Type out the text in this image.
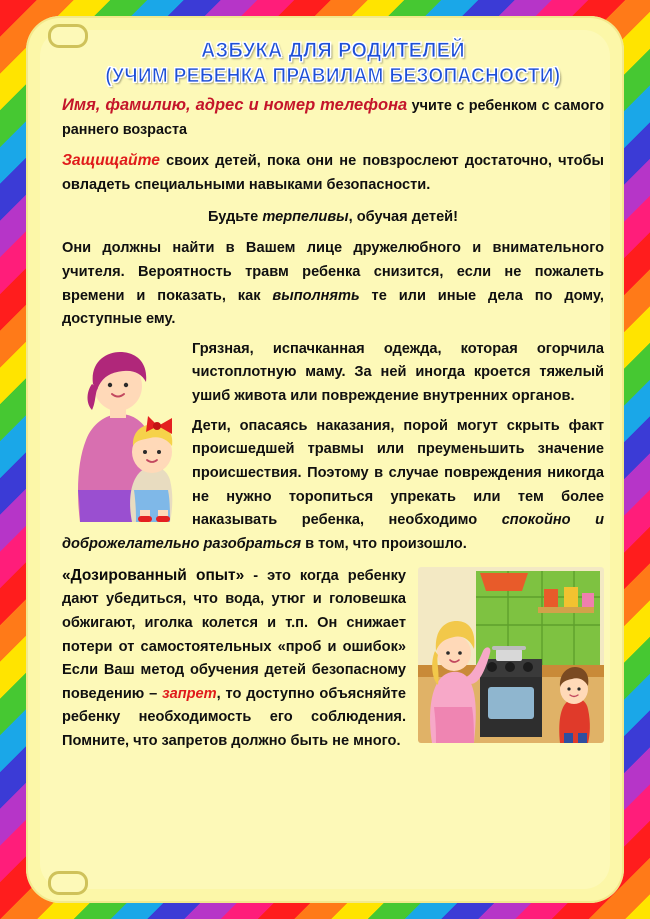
АЗБУКА ДЛЯ РОДИТЕЛЕЙ
(УЧИМ РЕБЕНКА ПРАВИЛАМ БЕЗОПАСНОСТИ)

Имя, фамилию, адрес и номер телефона учите с ребенком с самого раннего возраста

Защищайте своих детей, пока они не повзрослеют достаточно, чтобы овладеть специальными навыками безопасности.

Будьте терпеливы, обучая детей!

Они должны найти в Вашем лице дружелюбного и внимательного учителя. Вероятность травм ребенка снизится, если не пожалеть времени и показать, как выполнять те или иные дела по дому, доступные ему.

Грязная, испачканная одежда, которая огорчила чистоплотную маму. За ней иногда кроется тяжелый ушиб живота или повреждение внутренних органов.

Дети, опасаясь наказания, порой могут скрыть факт происшедшей травмы или преуменьшить значение происшествия. Поэтому в случае повреждения никогда не нужно торопиться упрекать или тем более наказывать ребенка, необходимо спокойно и доброжелательно разобраться в том, что произошло.

«Дозированный опыт» - это когда ребенку дают убедиться, что вода, утюг и головешка обжигают, иголка колется и т.п. Он снижает потери от самостоятельных «проб и ошибок» Если Ваш метод обучения детей безопасному поведению – запрет, то доступно объясняйте ребенку необходимость его соблюдения. Помните, что запретов должно быть не много.
